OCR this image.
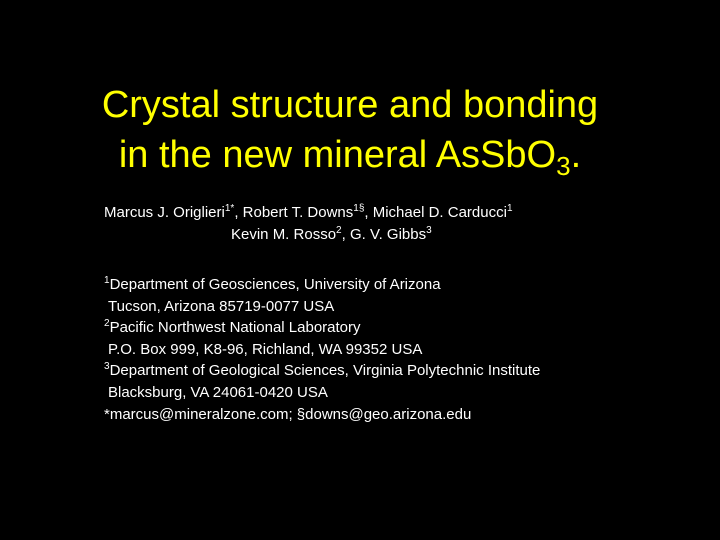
Crystal structure and bonding
in the new mineral AsSbO$_3$.
Marcus J. Origlieri$^{1*}$, Robert T. Downs$^{1\S}$, Michael D. Carducci$^1$
Kevin M. Rosso$^2$, G. V. Gibbs$^3$
$^1$Department of Geosciences, University of Arizona
Tucson, Arizona 85719-0077 USA
$^2$Pacific Northwest National Laboratory
P.O. Box 999, K8-96, Richland, WA 99352 USA
$^3$Department of Geological Sciences, Virginia Polytechnic Institute
Blacksburg, VA 24061-0420 USA
*marcus@mineralzone.com; §downs@geo.arizona.edu
